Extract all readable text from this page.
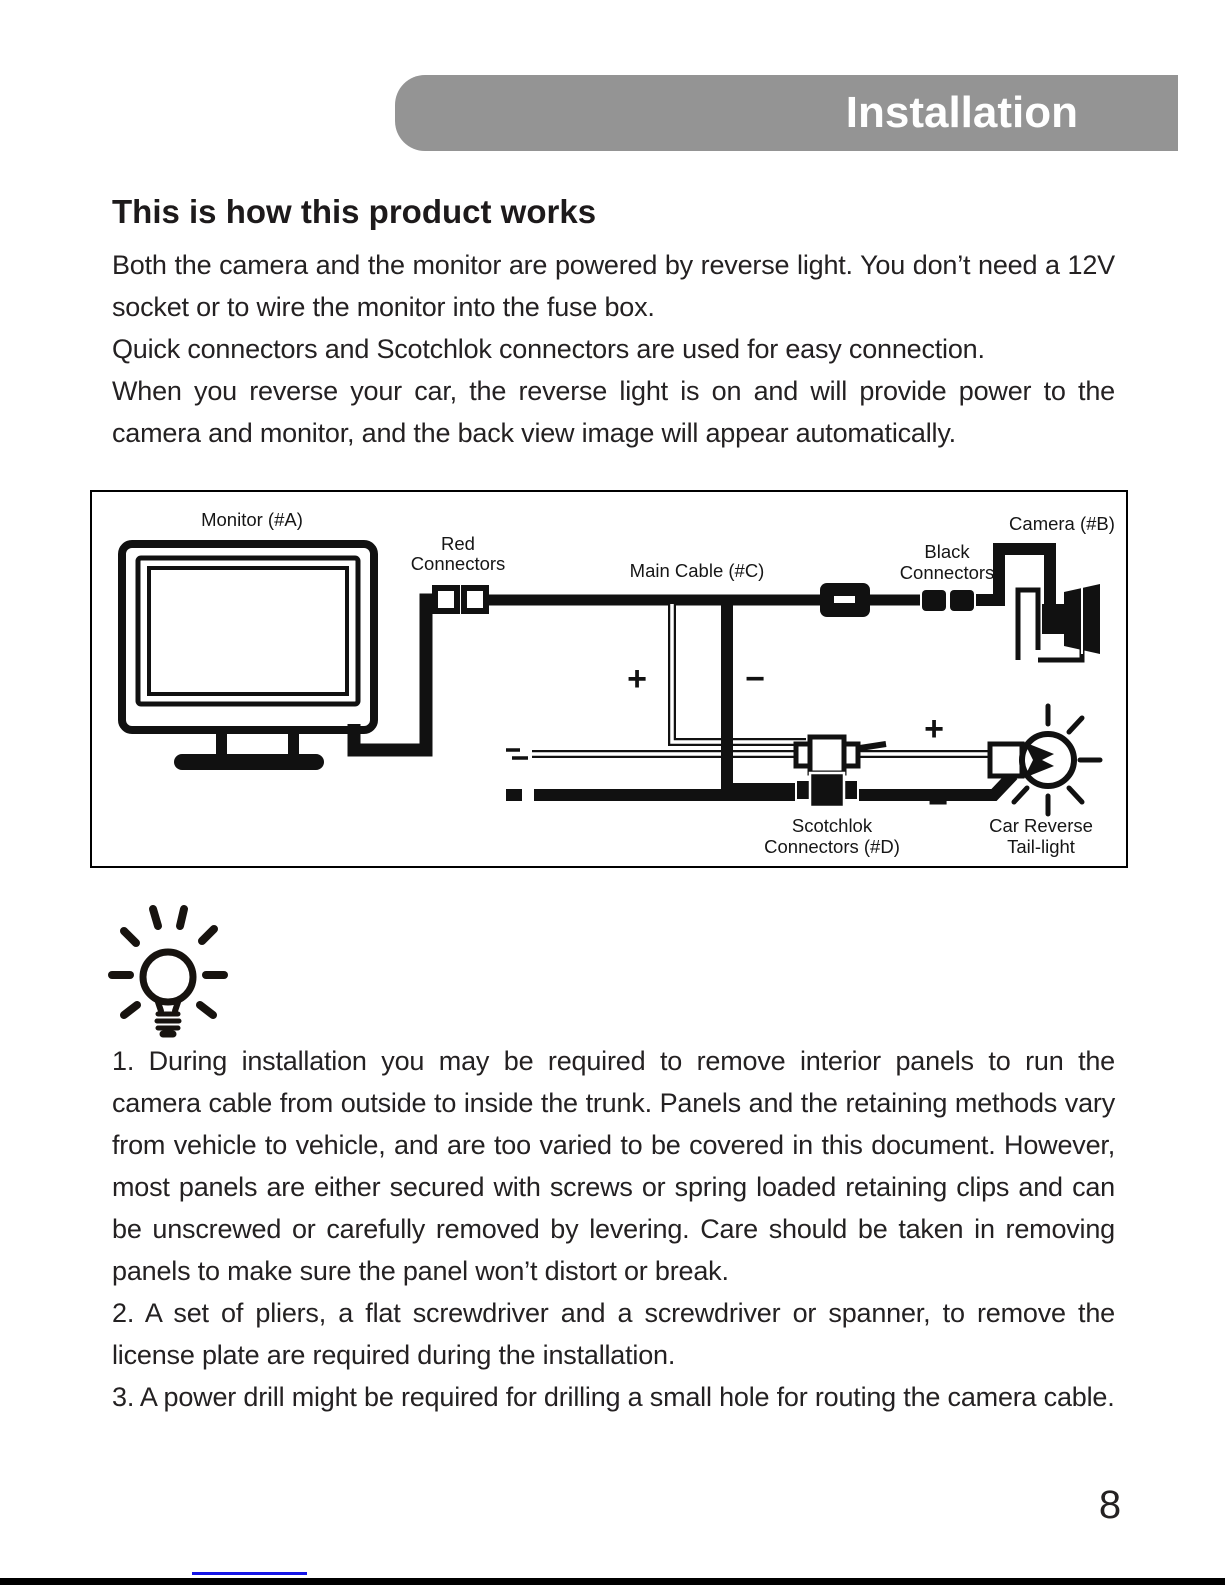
Installation
This is how this product works

Both the camera and the monitor are powered by reverse light. You don’t need a 12V socket or to wire the monitor into the fuse box.

Quick connectors and Scotchlok connectors are used for easy connection.

When you reverse your car, the reverse light is on and will provide power to the camera and monitor, and the back view image will appear automatically.

Monitor (#A)
Red
Connectors	Main Cable (#C)
Black
Connectors
Camera (#B)
Scotchlok
Connectors (#D)
Car Reverse
Tail-light
+	−
+
−

1. During installation you may be required to remove interior panels to run the camera cable from outside to inside the trunk. Panels and the retaining methods vary from vehicle to vehicle, and are too varied to be covered in this document. However, most panels are either secured with screws or spring loaded retaining clips and can be unscrewed or carefully removed by levering. Care should be taken in removing panels to make sure the panel won’t distort or break.

2. A set of pliers, a flat screwdriver and a screwdriver or spanner, to remove the license plate are required during the installation.

3. A power drill might be required for drilling a small hole for routing the camera cable.

8
